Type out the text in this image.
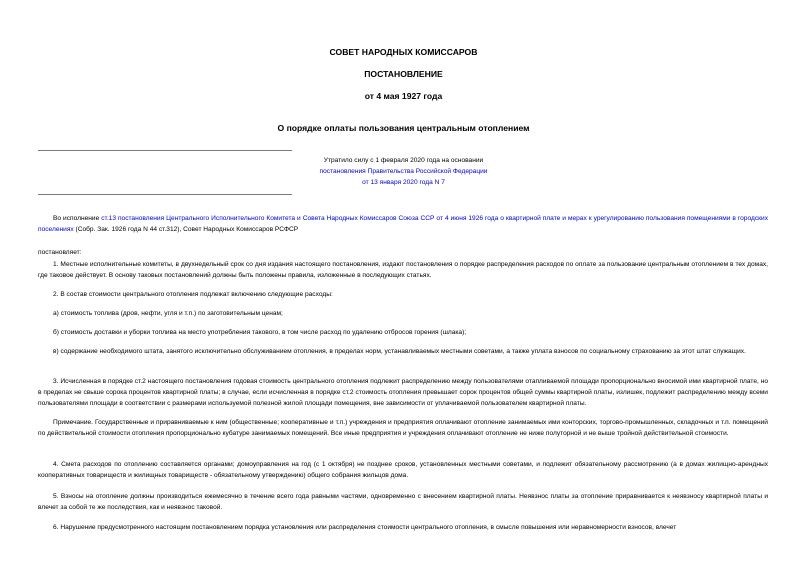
СОВЕТ НАРОДНЫХ КОМИССАРОВ
ПОСТАНОВЛЕНИЕ
от 4 мая 1927 года
О порядке оплаты пользования центральным отоплением
Утратило силу с 1 февраля 2020 года на основании
постановления Правительства Российской Федерации
от 13 января 2020 года N 7
Во исполнение ст.13 постановления Центрального Исполнительного Комитета и Совета Народных Комиссаров Союза ССР от 4 июня 1926 года о квартирной плате и мерах к урегулированию пользования помещениями в городских поселениях (Собр. Зак. 1926 года N 44 ст.312), Совет Народных Комиссаров РСФСР
постановляет:
1. Местные исполнительные комитеты, в двухнедельный срок со дня издания настоящего постановления, издают постановления о порядке распределения расходов по оплате за пользование центральным отоплением в тех домах, где таковое действует. В основу таковых постановлений должны быть положены правила, изложенные в последующих статьях.
2. В состав стоимости центрального отопления подлежат включению следующие расходы:
а) стоимость топлива (дров, нефти, угля и т.п.) по заготовительным ценам;
б) стоимость доставки и уборки топлива на место употребления такового, в том числе расход по удалению отбросов горения (шлака);
в) содержание необходимого штата, занятого исключительно обслуживанием отопления, в пределах норм, устанавливаемых местными советами, а также уплата взносов по социальному страхованию за этот штат служащих.
3. Исчисленная в порядке ст.2 настоящего постановления годовая стоимость центрального отопления подлежит распределению между пользователями отапливаемой площади пропорционально вносимой ими квартирной плате, но в пределах не свыше сорока процентов квартирной платы; в случае, если исчисленная в порядке ст.2 стоимость отопления превышает сорок процентов общей суммы квартирной платы, излишек, подлежит распределению между всеми пользователями площади в соответствии с размерами используемой полезной жилой площади помещения, вне зависимости от уплачиваемой пользователем квартирной платы.
Примечание. Государственные и приравниваемые к ним (общественные; кооперативные и т.п.) учреждения и предприятия оплачивают отопление занимаемых ими конторских, торгово-промышленных, складочных и т.п. помещений по действительной стоимости отопления пропорционально кубатуре занимаемых помещений. Все иные предприятия и учреждения оплачивают отопление не ниже полуторной и не выше тройной действительной стоимости.
4. Смета расходов по отоплению составляется органами; домоуправления на год (с 1 октября) не позднее сроков, установленных местными советами, и подлежит обязательному рассмотрению (а в домах жилищно-арендных кооперативных товариществ и жилищных товариществ - обязательному утверждению) общего собрания жильцов дома.
5. Взносы на отопление должны производиться ежемесячно в течение всего года равными частями, одновременно с внесением квартирной платы. Неявзнос платы за отопление приравнивается к неявзносу квартирной платы и влечет за собой те же последствия, как и неявзнос таковой.
6. Нарушение предусмотренного настоящим постановлением порядка установления или распределения стоимости центрального отопления, в смысле повышения или неравномерности взносов, влечет
